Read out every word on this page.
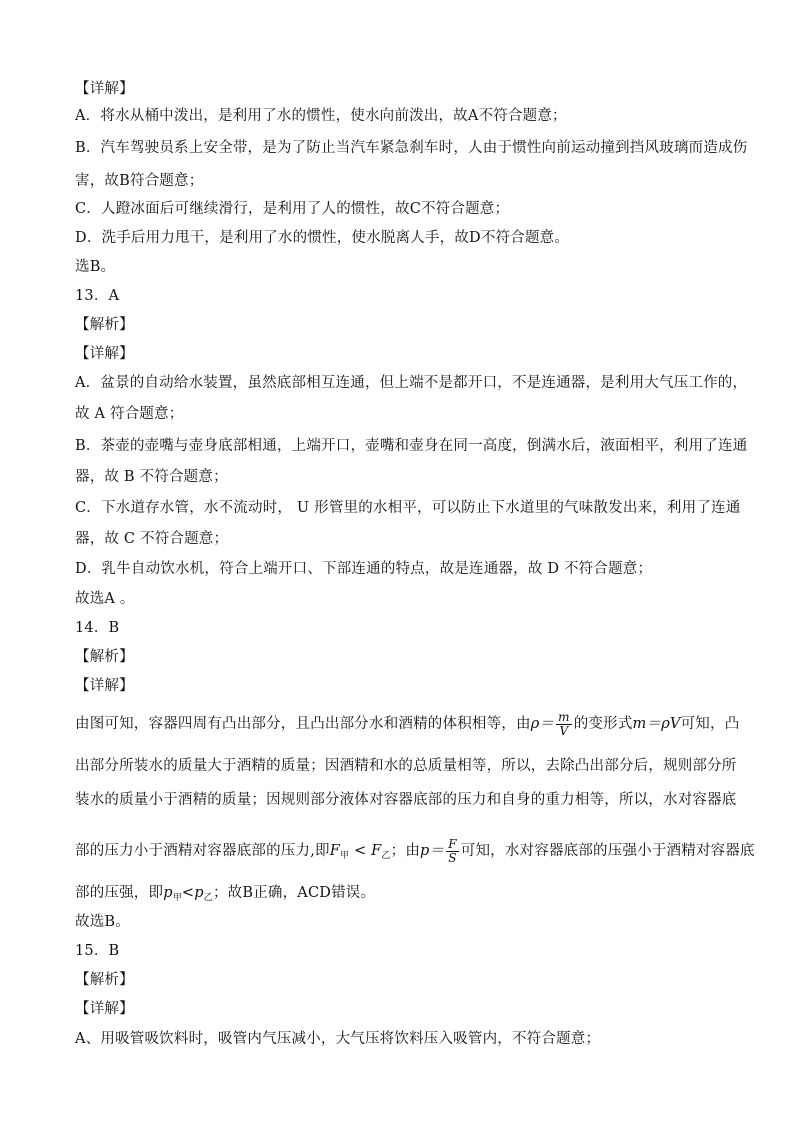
【详解】
A．将水从桶中泼出，是利用了水的惯性，使水向前泼出，故A不符合题意；
B．汽车驾驶员系上安全带，是为了防止当汽车紧急刹车时，人由于惯性向前运动撞到挡风玻璃而造成伤
害，故B符合题意；
C．人蹬冰面后可继续滑行，是利用了人的惯性，故C不符合题意；
D．洗手后用力甩干，是利用了水的惯性，使水脱离人手，故D不符合题意。
选B。
13．A
【解析】
【详解】
A．盆景的自动给水装置，虽然底部相互连通，但上端不是都开口，不是连通器，是利用大气压工作的，
故 A 符合题意；
B．茶壶的壶嘴与壶身底部相通，上端开口，壶嘴和壶身在同一高度，倒满水后，液面相平，利用了连通
器，故 B 不符合题意；
C．下水道存水管，水不流动时， U 形管里的水相平，可以防止下水道里的气味散发出来，利用了连通
器，故 C 不符合题意；
D．乳牛自动饮水机，符合上端开口、下部连通的特点，故是连通器，故 D 不符合题意；
故选A 。
14．B
【解析】
【详解】
由图可知，容器四周有凸出部分，且凸出部分水和酒精的体积相等，由$\rho= \frac{m}{V}$ 的变形式m＝ρV可知，凸
出部分所装水的质量大于酒精的质量；因酒精和水的总质量相等，所以，去除凸出部分后，规则部分所
装水的质量小于酒精的质量；因规则部分液体对容器底部的压力和自身的重力相等，所以，水对容器底
部的压力小于酒精对容器底部的压力,即$F_甲 < F_乙$；由$p= \frac{F}{S}$ 可知，水对容器底部的压强小于酒精对容器底
部的压强，即$p_甲<p_乙$；故B正确，ACD错误。
故选B。
15．B
【解析】
【详解】
A、用吸管吸饮料时，吸管内气压减小，大气压将饮料压入吸管内，不符合题意；
